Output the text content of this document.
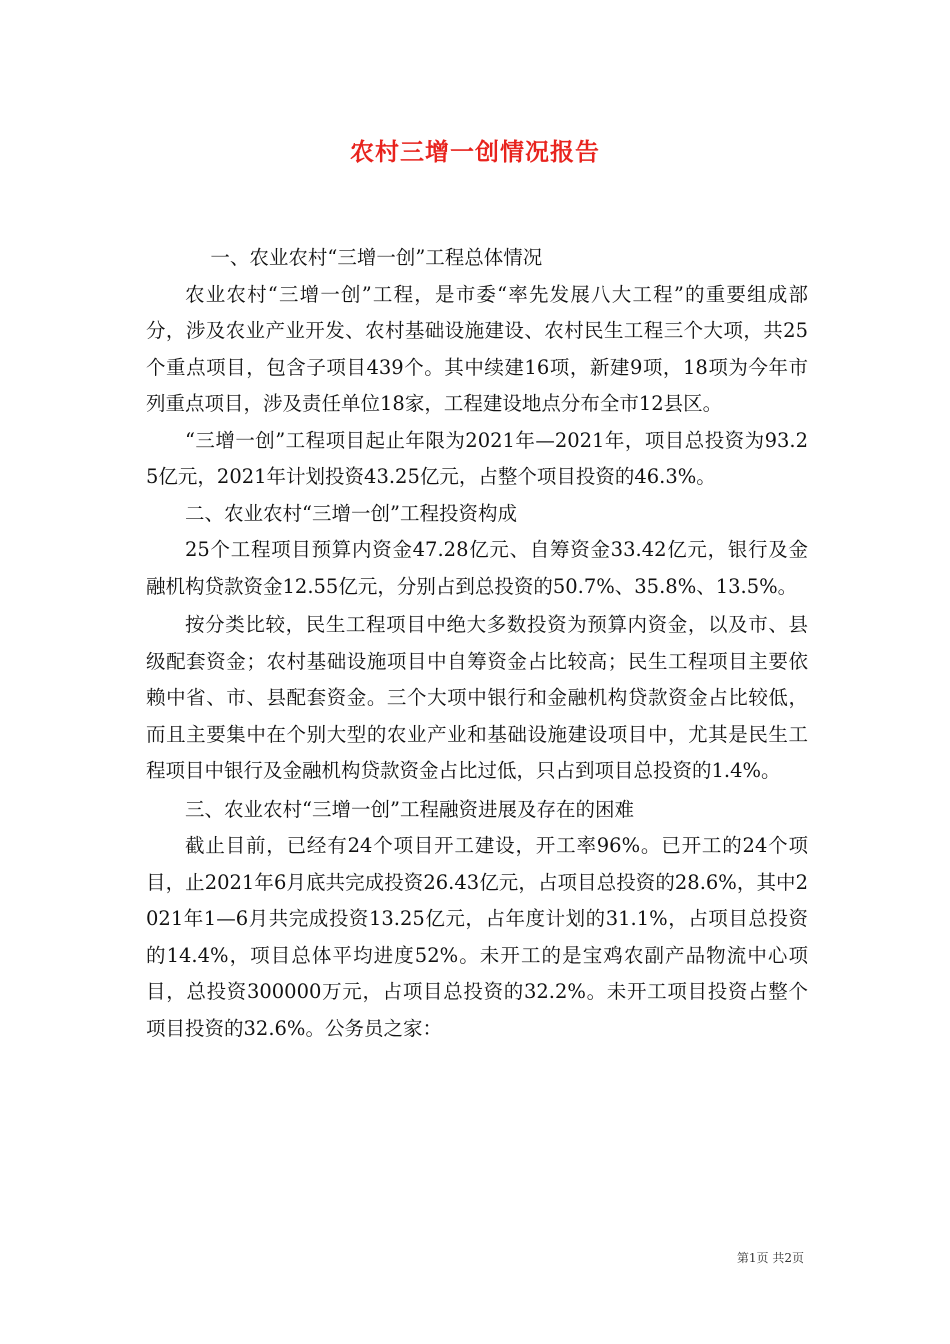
农村三增一创情况报告

一、农业农村“三增一创”工程总体情况

农业农村“三增一创”工程，是市委“率先发展八大工程”的重要组成部分，涉及农业产业开发、农村基础设施建设、农村民生工程三个大项，共25个重点项目，包含子项目439个。其中续建16项，新建9项，18项为今年市列重点项目，涉及责任单位18家，工程建设地点分布全市12县区。

“三增一创”工程项目起止年限为2021年—2021年，项目总投资为93.25亿元，2021年计划投资43.25亿元，占整个项目投资的46.3%。

二、农业农村“三增一创”工程投资构成

25个工程项目预算内资金47.28亿元、自筹资金33.42亿元，银行及金融机构贷款资金12.55亿元，分别占到总投资的50.7%、35.8%、13.5%。

按分类比较，民生工程项目中绝大多数投资为预算内资金，以及市、县级配套资金；农村基础设施项目中自筹资金占比较高；民生工程项目主要依赖中省、市、县配套资金。三个大项中银行和金融机构贷款资金占比较低，而且主要集中在个别大型的农业产业和基础设施建设项目中，尤其是民生工程项目中银行及金融机构贷款资金占比过低，只占到项目总投资的1.4%。

三、农业农村“三增一创”工程融资进展及存在的困难

截止目前，已经有24个项目开工建设，开工率96%。已开工的24个项目，止2021年6月底共完成投资26.43亿元，占项目总投资的28.6%，其中2021年1—6月共完成投资13.25亿元，占年度计划的31.1%，占项目总投资的14.4%，项目总体平均进度52%。未开工的是宝鸡农副产品物流中心项目，总投资300000万元，占项目总投资的32.2%。未开工项目投资占整个项目投资的32.6%。公务员之家：

第1页 共2页
